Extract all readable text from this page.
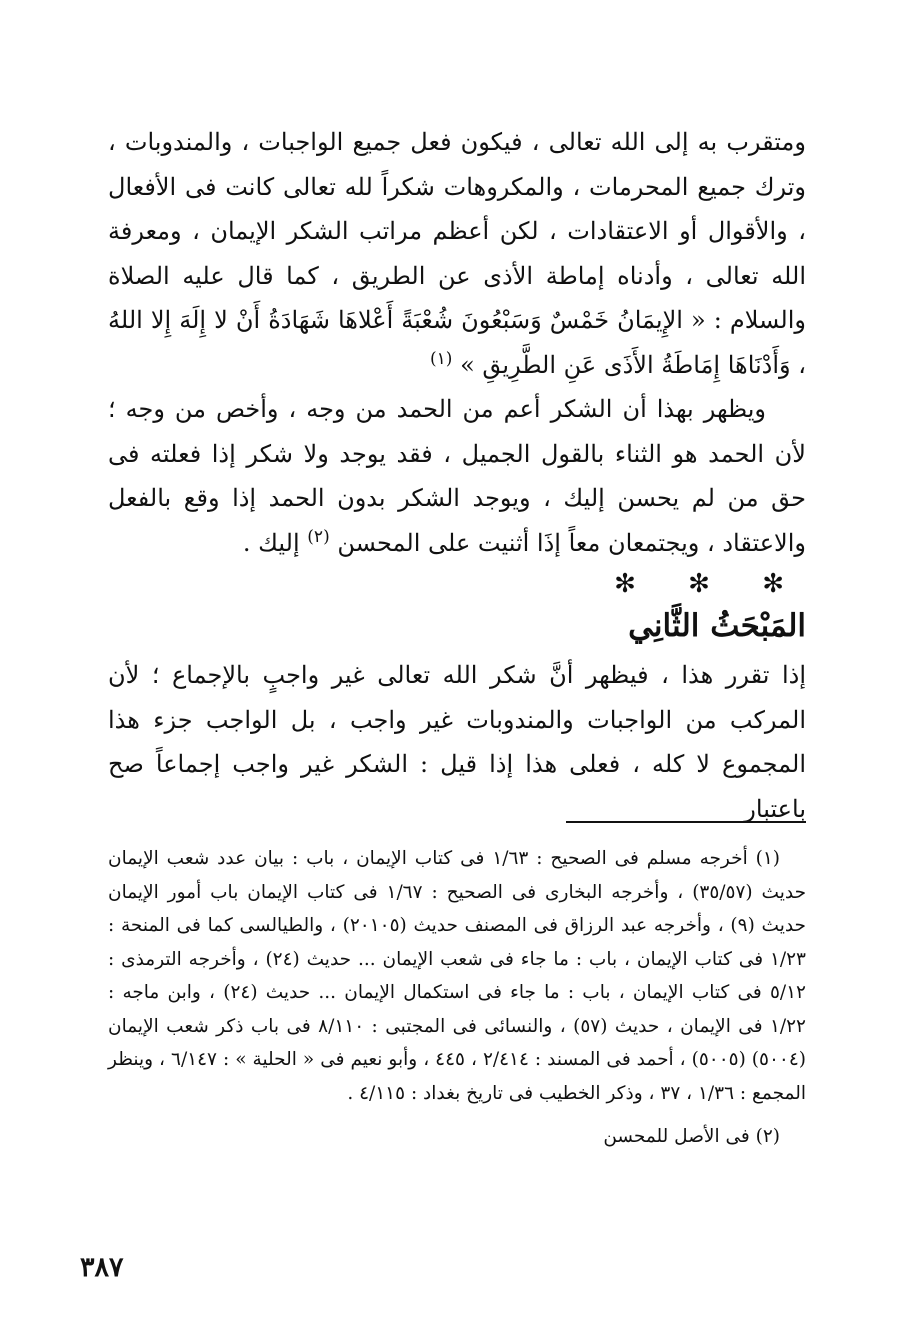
ومتقرب به إلى الله تعالى ، فيكون فعل جميع الواجبات ، والمندوبات ، وترك جميع المحرمات ، والمكروهات شكراً لله تعالى كانت فى الأفعال ، والأقوال أو الاعتقادات ، لكن أعظم مراتب الشكر الإيمان ، ومعرفة الله تعالى ، وأدناه إماطة الأذى عن الطريق ، كما قال عليه الصلاة والسلام : « الإِيمَانُ خَمْسٌ وَسَبْعُونَ شُعْبَةً أَعْلاهَا شَهَادَةُ أَنْ لا إِلَهَ إِلا اللهُ ، وَأَدْنَاهَا إِمَاطَةُ الأَذَى عَنِ الطَّرِيقِ » $^{(١)}$

ويظهر بهذا أن الشكر أعم من الحمد من وجه ، وأخص من وجه ؛ لأن الحمد هو الثناء بالقول الجميل ، فقد يوجد ولا شكر إذا فعلته فى حق من لم يحسن إليك ، ويوجد الشكر بدون الحمد إذا وقع بالفعل والاعتقاد ، ويجتمعان معاً إذَا أثنيت على المحسن $^{(٢)}$ إليك .

✻ ✻ ✻
المَبْحَثُ الثَّانِي

إذا تقرر هذا ، فيظهر أنَّ شكر الله تعالى غير واجبٍ بالإجماع ؛ لأن المركب من الواجبات والمندوبات غير واجب ، بل الواجب جزء هذا المجموع لا كله ، فعلى هذا إذا قيل : الشكر غير واجب إجماعاً صح باعتبار

(١) أخرجه مسلم فى الصحيح : ١/٦٣ فى كتاب الإيمان ، باب : بيان عدد شعب الإيمان حديث (٣٥/٥٧) ، وأخرجه البخارى فى الصحيح : ١/٦٧ فى كتاب الإيمان باب أمور الإيمان حديث (٩) ، وأخرجه عبد الرزاق فى المصنف حديث (٢٠١٠٥) ، والطيالسى كما فى المنحة : ١/٢٣ فى كتاب الإيمان ، باب : ما جاء فى شعب الإيمان ... حديث (٢٤) ، وأخرجه الترمذى : ٥/١٢ فى كتاب الإيمان ، باب : ما جاء فى استكمال الإيمان ... حديث (٢٤) ، وابن ماجه : ١/٢٢ فى الإيمان ، حديث (٥٧) ، والنسائى فى المجتبى : ٨/١١٠ فى باب ذكر شعب الإيمان (٥٠٠٤) (٥٠٠٥) ، أحمد فى المسند : ٢/٤١٤ ، ٤٤٥ ، وأبو نعيم فى « الحلية » : ٦/١٤٧ ، وينظر المجمع : ١/٣٦ ، ٣٧ ، وذكر الخطيب فى تاريخ بغداد : ٤/١١٥ .

(٢) فى الأصل للمحسن

٣٨٧
